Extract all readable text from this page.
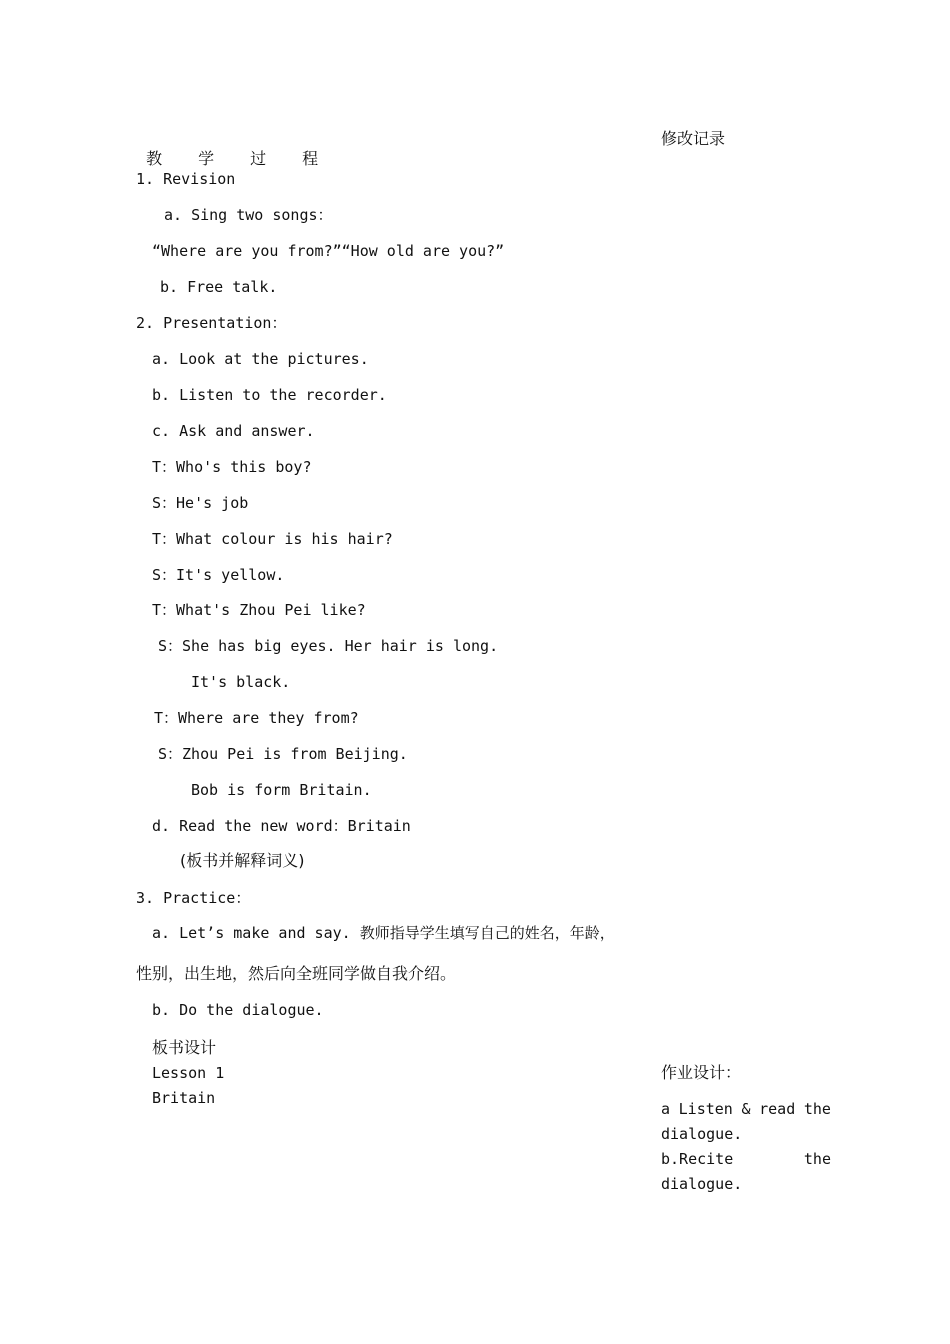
教 学 过 程

修改记录
1. Revision
a. Sing two songs：
“Where are you from?”“How old are you?”
b. Free talk.
2. Presentation：
a. Look at the pictures.
b. Listen to the recorder.
c. Ask and answer.
T：Who's this boy?
S：He's job
T：What colour is his hair?
S：It's yellow.
T：What's Zhou Pei like?
S：She has big eyes. Her hair is long.
It's black.
T：Where are they from?
S：Zhou Pei is from Beijing.
Bob is form Britain.
d. Read the new word：Britain
(板书并解释词义)
3. Practice：
a. Let’s make and say. 教师指导学生填写自己的姓名，年龄，
性别，出生地，然后向全班同学做自我介绍。
b. Do the dialogue.
板书设计
Lesson 1
Britain
作业设计：
a Listen & read the
dialogue.
b.Recite	the
dialogue.
